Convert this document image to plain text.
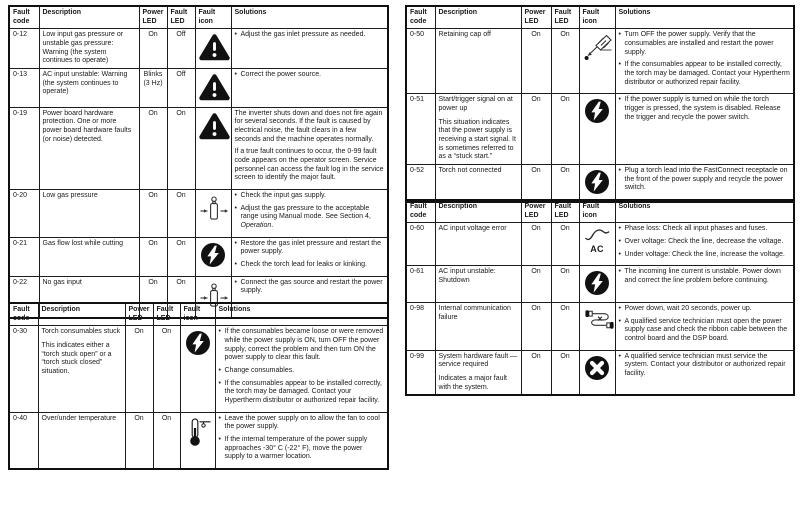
Fault code	Description	Power LED	Fault LED	Fault icon	Solutions
0-12	Low input gas pressure or unstable gas pressure: Warning (the system continues to operate)	On	Off		• Adjust the gas inlet pressure as needed.

0-13	AC input unstable: Warning (the system continues to operate)	Blinks (3 Hz)	Off		• Correct the power source.

0-19	Power board hardware protection. One or more power board hardware faults (or noise) detected.	On	On		The inverter shuts down and does not fire again for several seconds. If the fault is caused by electrical noise, the fault clears in a few seconds and the machine operates normally.
If a true fault continues to occur, the 0-99 fault code appears on the operator screen. Service personnel can access the fault log in the service screen to identify the major fault.

0-20	Low gas pressure	On	On		• Check the input gas supply.
• Adjust the gas pressure to the acceptable range using Manual mode. See Section 4, Operation.

0-21	Gas flow lost while cutting	On	On		• Restore the gas inlet pressure and restart the power supply.
• Check the torch lead for leaks or kinking.

0-22	No gas input	On	On		• Connect the gas source and restart the power supply.
Fault code	Description	Power LED	Fault LED	Fault icon	Solutions
0-30	Torch consumables stuck
This indicates either a “torch stuck open” or a “torch stuck closed” situation.
	On	On		• If the consumables became loose or were removed while the power supply is ON, turn OFF the power supply, correct the problem and then turn ON the power supply to clear this fault.
• Change consumables.
• If the consumables appear to be installed correctly, the torch may be damaged. Contact your Hypertherm distributor or authorized repair facility.

0-40	Over/under temperature	On	On		• Leave the power supply on to allow the fan to cool the power supply.
• If the internal temperature of the power supply approaches -30° C (-22° F), move the power supply to a warmer location.
Fault code	Description	Power LED	Fault LED	Fault icon	Solutions
0-50	Retaining cap off	On	On		• Turn OFF the power supply. Verify that the consumables are installed and restart the power supply.
• If the consumables appear to be installed correctly, the torch may be damaged. Contact your Hypertherm distributor or authorized repair facility.

0-51	Start/trigger signal on at power up
This situation indicates that the power supply is receiving a start signal. It is sometimes referred to as a “stuck start.”
	On	On		• If the power supply is turned on while the torch trigger is pressed, the system is disabled. Release the trigger and recycle the power switch.

0-52	Torch not connected	On	On		• Plug a torch lead into the FastConnect receptacle on the front of the power supply and recycle the power switch.
Fault code	Description	Power LED	Fault LED	Fault icon	Solutions
0-60	AC input voltage error	On	On	
AC

• Phase loss: Check all input phases and fuses.
• Over voltage: Check the line, decrease the voltage.
• Under voltage: Check the line, increase the voltage.

0-61	AC input unstable: Shutdown	On	On		• The incoming line current is unstable. Power down and correct the line problem before continuing.

0-98	Internal communication failure	On	On		• Power down, wait 20 seconds, power up.
• A qualified service technician must open the power supply case and check the ribbon cable between the control board and the DSP board.

0-99	System hardware fault — service required
Indicates a major fault with the system.
	On	On		• A qualified service technician must service the system. Contact your distributor or authorized repair facility.
